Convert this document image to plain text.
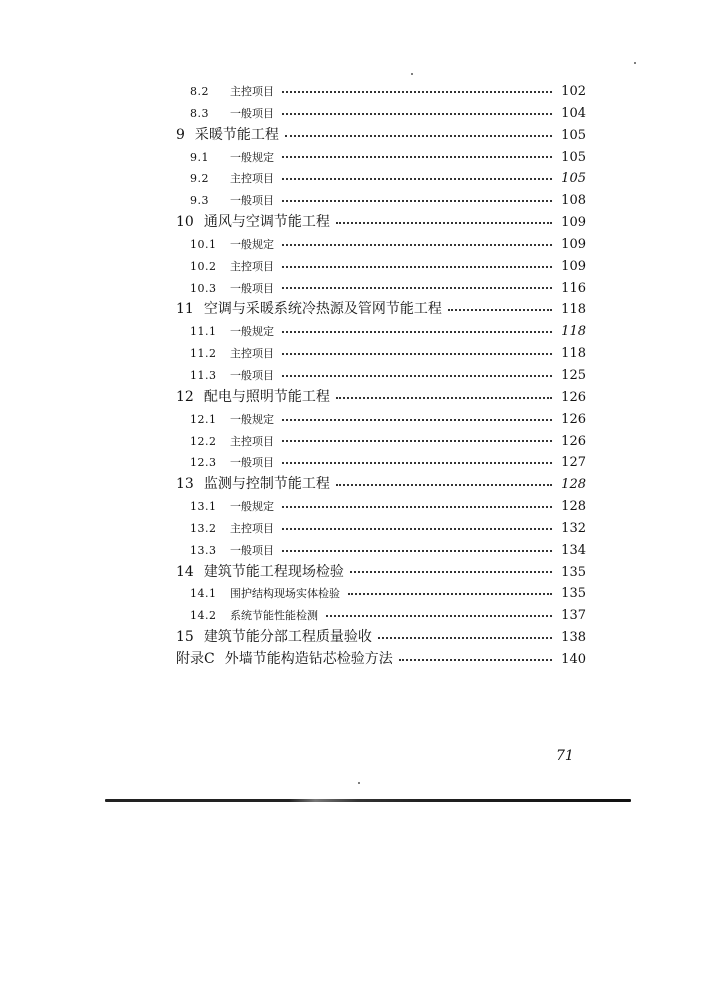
8.2	主控项目	102
8.3	一般项目	104
9 采暖节能工程	105
9.1	一般规定	105
9.2	主控项目	105
9.3	一般项目	108
10 通风与空调节能工程	109
10.1	一般规定	109
10.2	主控项目	109
10.3	一般项目	116
11 空调与采暖系统冷热源及管网节能工程	118
11.1	一般规定	118
11.2	主控项目	118
11.3	一般项目	125
12 配电与照明节能工程	126
12.1	一般规定	126
12.2	主控项目	126
12.3	一般项目	127
13 监测与控制节能工程	128
13.1	一般规定	128
13.2	主控项目	132
13.3	一般项目	134
14 建筑节能工程现场检验	135
14.1	围护结构现场实体检验	135
14.2	系统节能性能检测	137
15 建筑节能分部工程质量验收	138
附录C 外墙节能构造钻芯检验方法	140
71
